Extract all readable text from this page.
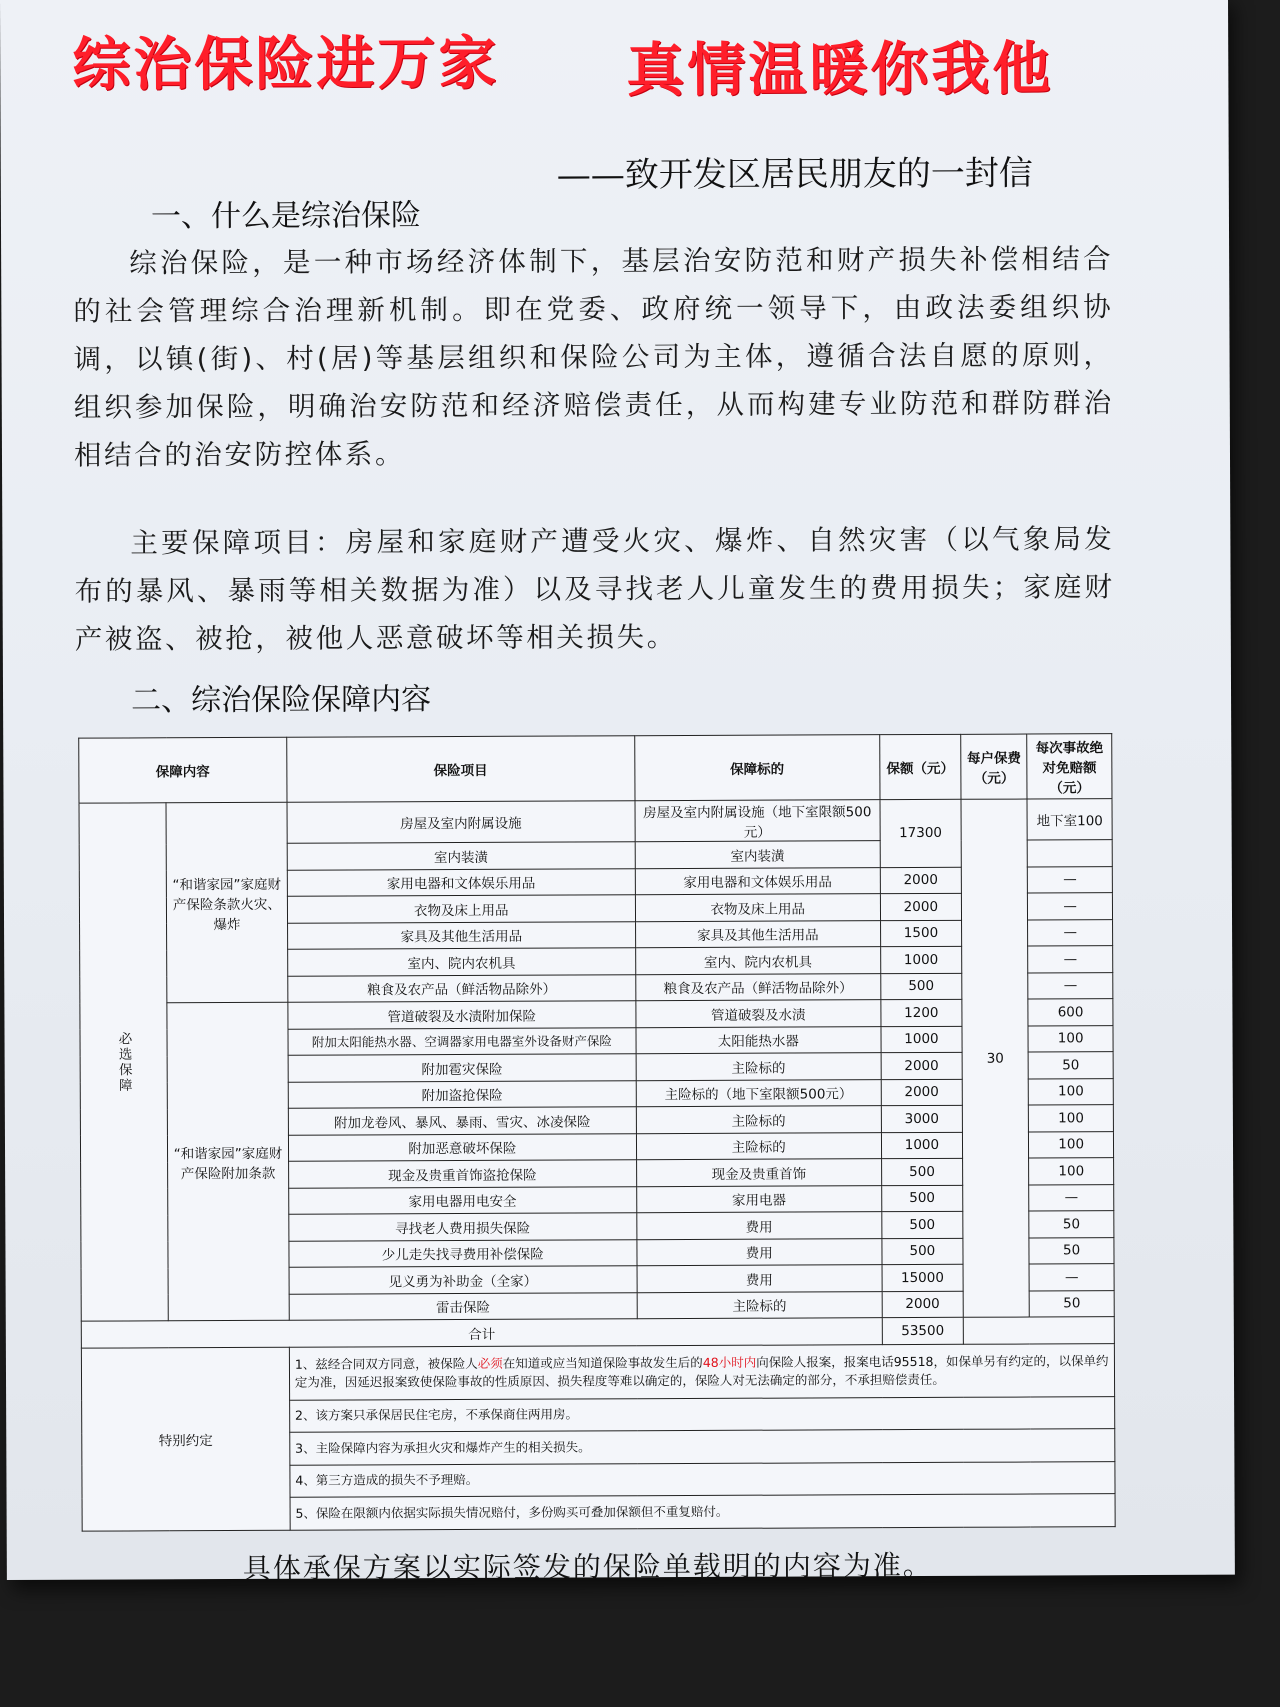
综治保险进万家 真情温暖你我他
——致开发区居民朋友的一封信
一、什么是综治保险
综治保险，是一种市场经济体制下，基层治安防范和财产损失补偿相结合的社会管理综合治理新机制。即在党委、政府统一领导下，由政法委组织协调，以镇(街)、村(居)等基层组织和保险公司为主体，遵循合法自愿的原则，组织参加保险，明确治安防范和经济赔偿责任，从而构建专业防范和群防群治相结合的治安防控体系。
主要保障项目：房屋和家庭财产遭受火灾、爆炸、自然灾害（以气象局发布的暴风、暴雨等相关数据为准）以及寻找老人儿童发生的费用损失；家庭财产被盗、被抢，被他人恶意破坏等相关损失。
二、综治保险保障内容
保障内容		保险项目	保障标的	保额（元）	每户保费（元）	每次事故绝对免赔额（元）
必选保障	“和谐家园”家庭财产保险条款火灾、爆炸	房屋及室内附属设施	房屋及室内附属设施（地下室限额500元）	17300	30	地下室100
		室内装潢	室内装潢			
		家用电器和文体娱乐用品	家用电器和文体娱乐用品	2000		—
		衣物及床上用品	衣物及床上用品	2000		—
		家具及其他生活用品	家具及其他生活用品	1500		—
		室内、院内农机具	室内、院内农机具	1000		—
		粮食及农产品（鲜活物品除外）	粮食及农产品（鲜活物品除外）	500		—
	“和谐家园”家庭财产保险附加条款	管道破裂及水渍附加保险	管道破裂及水渍	1200		600
		附加太阳能热水器、空调器家用电器室外设备财产保险	太阳能热水器	1000		100
		附加雹灾保险	主险标的	2000		50
		附加盗抢保险	主险标的（地下室限额500元）	2000		100
		附加龙卷风、暴风、暴雨、雪灾、冰凌保险	主险标的	3000		100
		附加恶意破坏保险	主险标的	1000		100
		现金及贵重首饰盗抢保险	现金及贵重首饰	500		100
		家用电器用电安全	家用电器	500		—
		寻找老人费用损失保险	费用	500		50
		少儿走失找寻费用补偿保险	费用	500		50
		见义勇为补助金（全家）	费用	15000		—
		雷击保险	主险标的	2000		50
合计				53500		
特别约定		1、兹经合同双方同意，被保险人必须在知道或应当知道保险事故发生后的48小时内向保险人报案，报案电话95518，如保单另有约定的，以保单约定为准，因延迟报案致使保险事故的性质原因、损失程度等难以确定的，保险人对无法确定的部分，不承担赔偿责任。				
		2、该方案只承保居民住宅房，不承保商住两用房。				
		3、主险保障内容为承担火灾和爆炸产生的相关损失。				
		4、第三方造成的损失不予理赔。				
		5、保险在限额内依据实际损失情况赔付，多份购买可叠加保额但不重复赔付。				
具体承保方案以实际签发的保险单载明的内容为准。
